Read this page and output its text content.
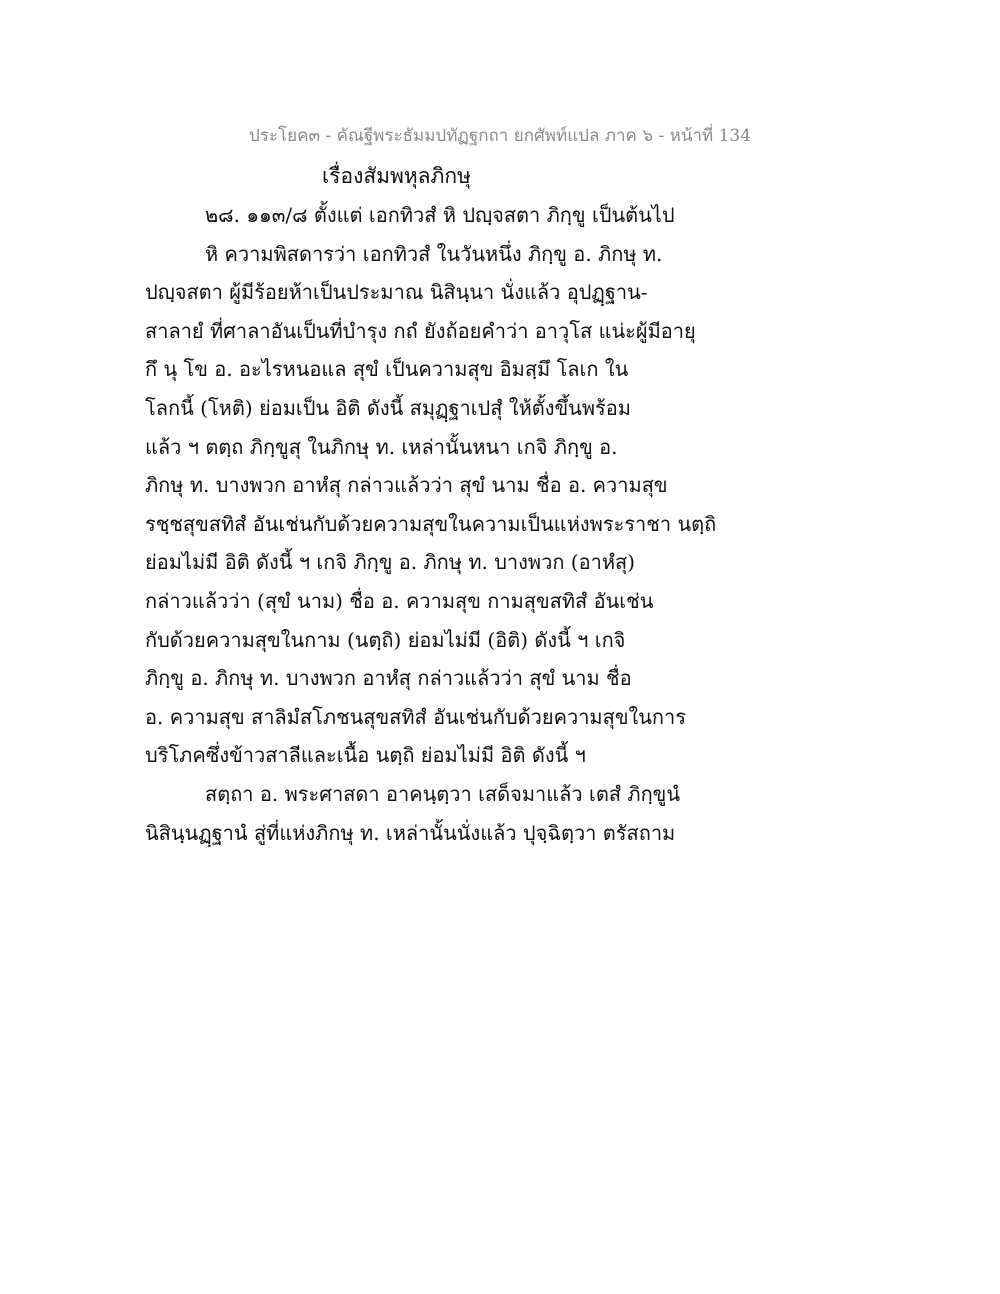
ประโยค๓ - คัณฐีพระธัมมปทัฏฐกถา ยกศัพท์แปล ภาค ๖ - หน้าที่ 134
เรื่องสัมพหุลภิกษุ
๒๘. ๑๑๓/๘ ตั้งแต่ เอกทิวสํ หิ ปญฺจสตา ภิกฺขู เป็นต้นไป
หิ ความพิสดารว่า เอกทิวสํ ในวันหนึ่ง ภิกฺขู อ. ภิกษุ ท.
ปญฺจสตา ผู้มีร้อยห้าเป็นประมาณ นิสินฺนา นั่งแล้ว อุปฏฺฐาน-
สาลายํ ที่ศาลาอันเป็นที่บำรุง กถํ ยังถ้อยคำว่า อาวุโส แน่ะผู้มีอายุ
กึ นุ โข อ. อะไรหนอแล สุขํ เป็นความสุข อิมสฺมึ โลเก ใน
โลกนี้ (โหติ) ย่อมเป็น อิติ ดังนี้ สมุฏฺฐาเปสุํ ให้ตั้งขึ้นพร้อม
แล้ว ฯ ตตฺถ ภิกฺขูสุ ในภิกษุ ท. เหล่านั้นหนา เกจิ ภิกฺขู อ.
ภิกษุ ท. บางพวก อาหํสุ กล่าวแล้วว่า สุขํ นาม ชื่อ อ. ความสุข
รชฺชสุขสทิสํ อันเช่นกับด้วยความสุขในความเป็นแห่งพระราชา นตฺถิ
ย่อมไม่มี อิติ ดังนี้ ฯ เกจิ ภิกฺขู อ. ภิกษุ ท. บางพวก (อาหํสุ)
กล่าวแล้วว่า (สุขํ นาม) ชื่อ อ. ความสุข กามสุขสทิสํ อันเช่น
กับด้วยความสุขในกาม (นตฺถิ) ย่อมไม่มี (อิติ) ดังนี้ ฯ เกจิ
ภิกฺขู อ. ภิกษุ ท. บางพวก อาหํสุ กล่าวแล้วว่า สุขํ นาม ชื่อ
อ. ความสุข สาลิมํสโภชนสุขสทิสํ อันเช่นกับด้วยความสุขในการ
บริโภคซึ่งข้าวสาลีและเนื้อ นตฺถิ ย่อมไม่มี อิติ ดังนี้ ฯ
สตฺถา อ. พระศาสดา อาคนฺตฺวา เสด็จมาแล้ว เตสํ ภิกฺขูนํ
นิสินฺนฏฺฐานํ สู่ที่แห่งภิกษุ ท. เหล่านั้นนั่งแล้ว ปุจฺฉิตฺวา ตรัสถาม
